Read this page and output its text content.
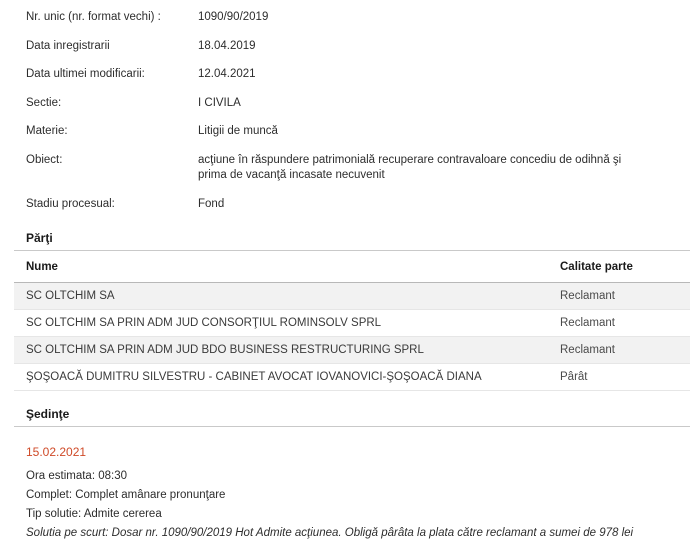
Nr. unic (nr. format vechi) :	1090/90/2019
Data inregistrarii	18.04.2019
Data ultimei modificarii:	12.04.2021
Sectie:	I CIVILA
Materie:	Litigii de muncă
Obiect:	acţiune în răspundere patrimonială recuperare contravaloare concediu de odihnă şi prima de vacanţă incasate necuvenit
Stadiu procesual:	Fond
Părţi
Nume	Calitate parte
SC OLTCHIM SA	Reclamant
SC OLTCHIM SA PRIN ADM JUD CONSORŢIUL ROMINSOLV SPRL	Reclamant
SC OLTCHIM SA PRIN ADM JUD BDO BUSINESS RESTRUCTURING SPRL	Reclamant
ŞOŞOACĂ DUMITRU SILVESTRU - CABINET AVOCAT IOVANOVICI-ŞOŞOACĂ DIANA	Pârât
Şedinţe
15.02.2021
Ora estimata: 08:30
Complet: Complet amânare pronunţare
Tip solutie: Admite cererea
Solutia pe scurt: Dosar nr. 1090/90/2019 Hot Admite acţiunea. Obligă pârâta la plata către reclamant a sumei de 978 lei
